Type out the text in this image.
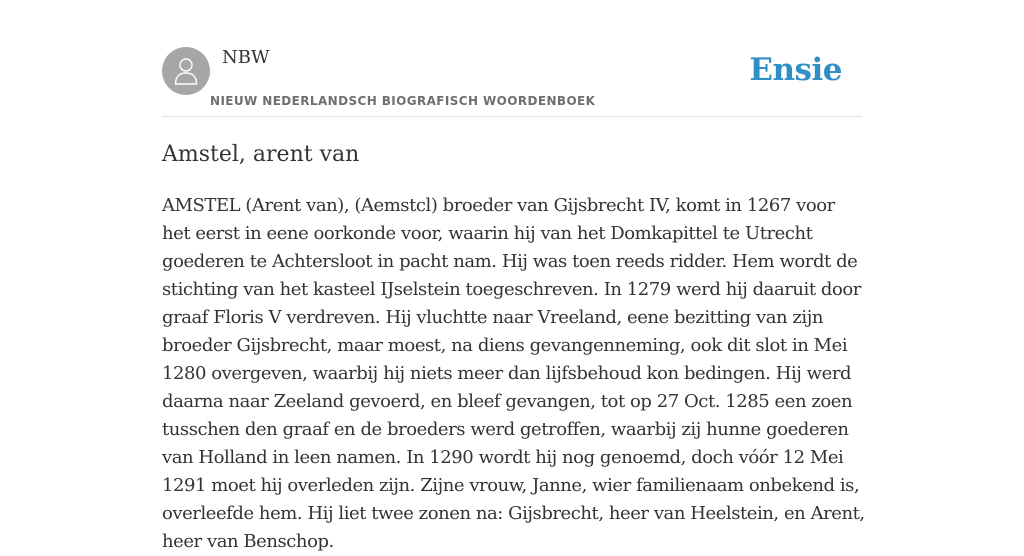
NBW
NIEUW NEDERLANDSCH BIOGRAFISCH WOORDENBOEK
Ensie
Amstel, arent van

AMSTEL (Arent van), (Aemstcl) broeder van Gijsbrecht IV, komt in 1267 voor het eerst in eene oorkonde voor, waarin hij van het Domkapittel te Utrecht goederen te Achtersloot in pacht nam. Hij was toen reeds ridder. Hem wordt de stichting van het kasteel IJselstein toegeschreven. In 1279 werd hij daaruit door graaf Floris V verdreven. Hij vluchtte naar Vreeland, eene bezitting van zijn broeder Gijsbrecht, maar moest, na diens gevangenneming, ook dit slot in Mei 1280 overgeven, waarbij hij niets meer dan lijfsbehoud kon bedingen. Hij werd daarna naar Zeeland gevoerd, en bleef gevangen, tot op 27 Oct. 1285 een zoen tusschen den graaf en de broeders werd getroffen, waarbij zij hunne goederen van Holland in leen namen. In 1290 wordt hij nog genoemd, doch vóór 12 Mei 1291 moet hij overleden zijn. Zijne vrouw, Janne, wier familienaam onbekend is, overleefde hem. Hij liet twee zonen na: Gijsbrecht, heer van Heelstein, en Arent, heer van Benschop.
